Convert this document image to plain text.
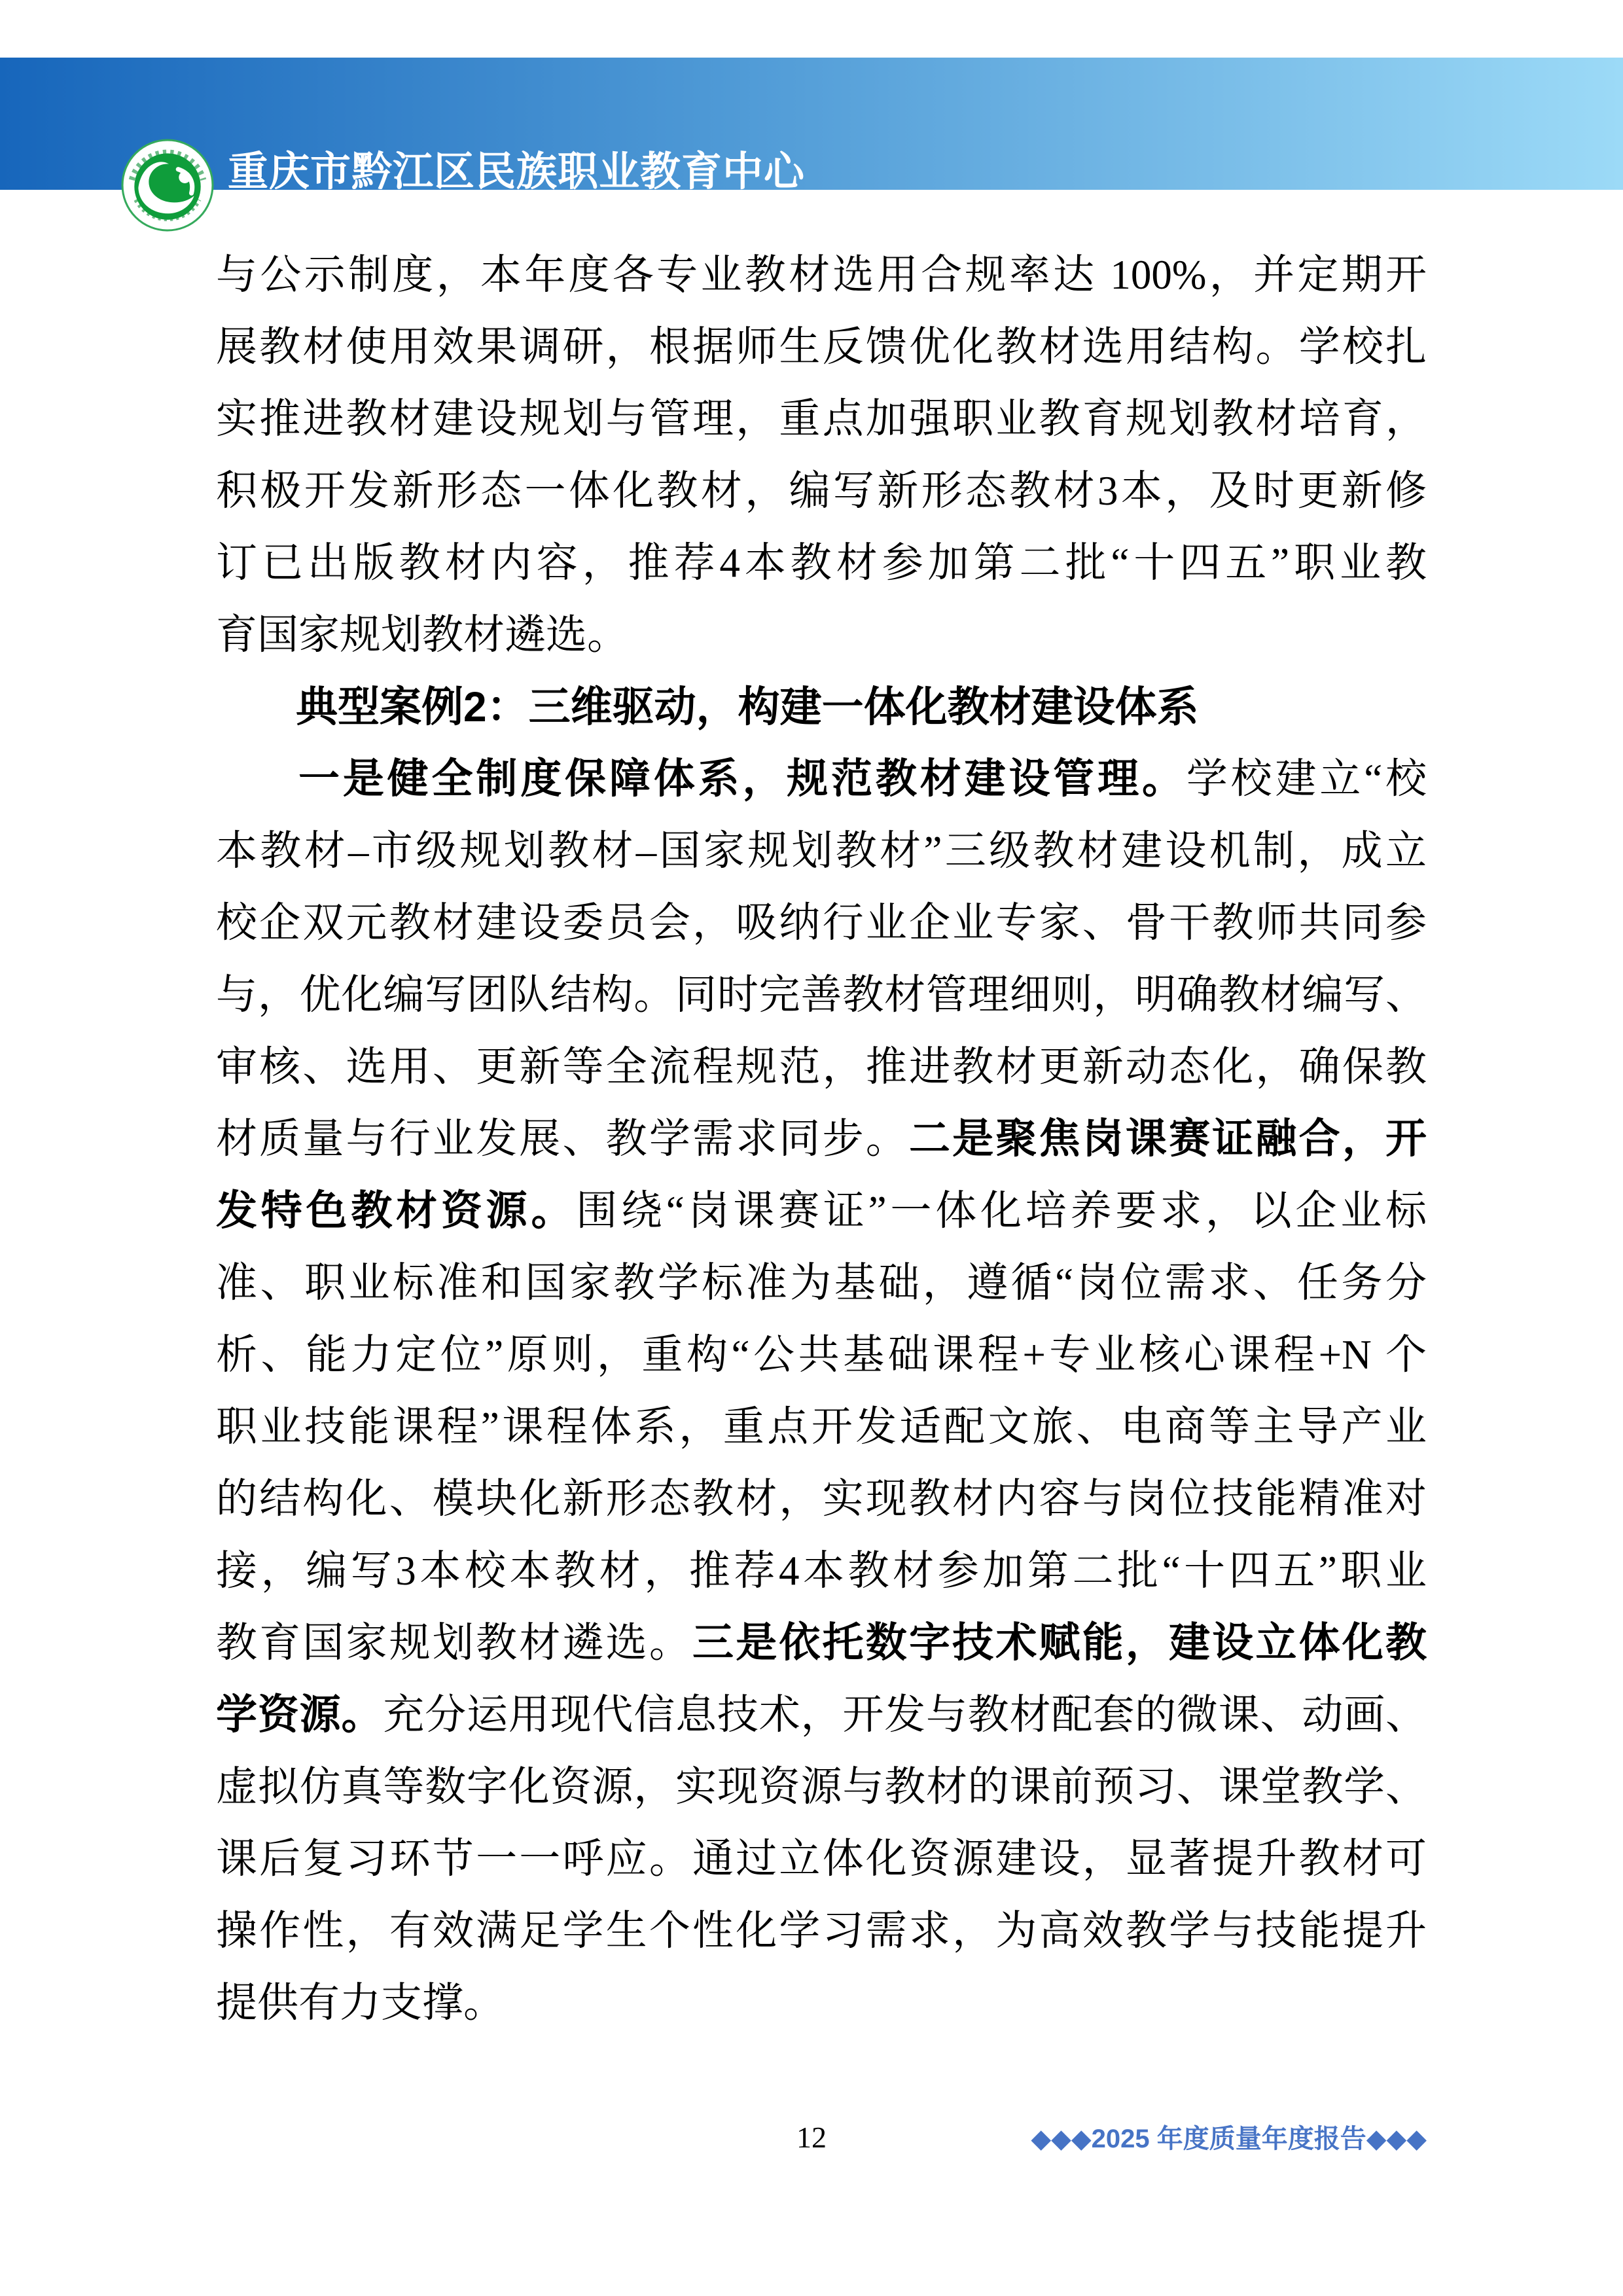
重庆市黔江区民族职业教育中心
CHONGQING SHI QIANJIANG QU MINZU ZHIYE JIAOYU ZHONGXIN
与公示制度，本年度各专业教材选用合规率达 100%，并定期开
展教材使用效果调研，根据师生反馈优化教材选用结构。学校扎
实推进教材建设规划与管理，重点加强职业教育规划教材培育，
积极开发新形态一体化教材，编写新形态教材3本，及时更新修
订已出版教材内容，推荐4本教材参加第二批“十四五”职业教
育国家规划教材遴选。
典型案例2：三维驱动，构建一体化教材建设体系
一是健全制度保障体系，规范教材建设管理。学校建立“校
本教材–市级规划教材–国家规划教材”三级教材建设机制，成立
校企双元教材建设委员会，吸纳行业企业专家、骨干教师共同参
与，优化编写团队结构。同时完善教材管理细则，明确教材编写、
审核、选用、更新等全流程规范，推进教材更新动态化，确保教
材质量与行业发展、教学需求同步。二是聚焦岗课赛证融合，开
发特色教材资源。围绕“岗课赛证”一体化培养要求，以企业标
准、职业标准和国家教学标准为基础，遵循“岗位需求、任务分
析、能力定位”原则，重构“公共基础课程+专业核心课程+N 个
职业技能课程”课程体系，重点开发适配文旅、电商等主导产业
的结构化、模块化新形态教材，实现教材内容与岗位技能精准对
接，编写3本校本教材，推荐4本教材参加第二批“十四五”职业
教育国家规划教材遴选。三是依托数字技术赋能，建设立体化教
学资源。充分运用现代信息技术，开发与教材配套的微课、动画、
虚拟仿真等数字化资源，实现资源与教材的课前预习、课堂教学、
课后复习环节一一呼应。通过立体化资源建设，显著提升教材可
操作性，有效满足学生个性化学习需求，为高效教学与技能提升
提供有力支撑。
12	◆◆◆2025 年度质量年度报告◆◆◆
